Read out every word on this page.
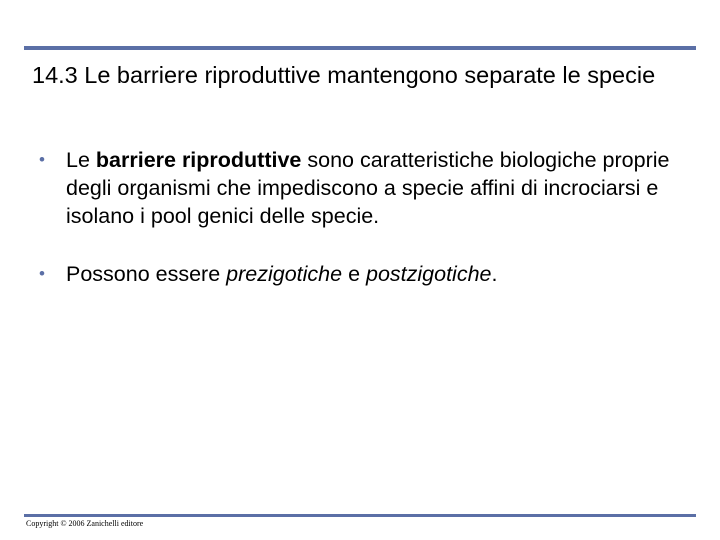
14.3 Le barriere riproduttive mantengono separate le specie
• Le barriere riproduttive sono caratteristiche biologiche proprie degli organismi che impediscono a specie affini di incrociarsi e isolano i pool genici delle specie.
• Possono essere prezigotiche e postzigotiche.
Copyright © 2006 Zanichelli editore
